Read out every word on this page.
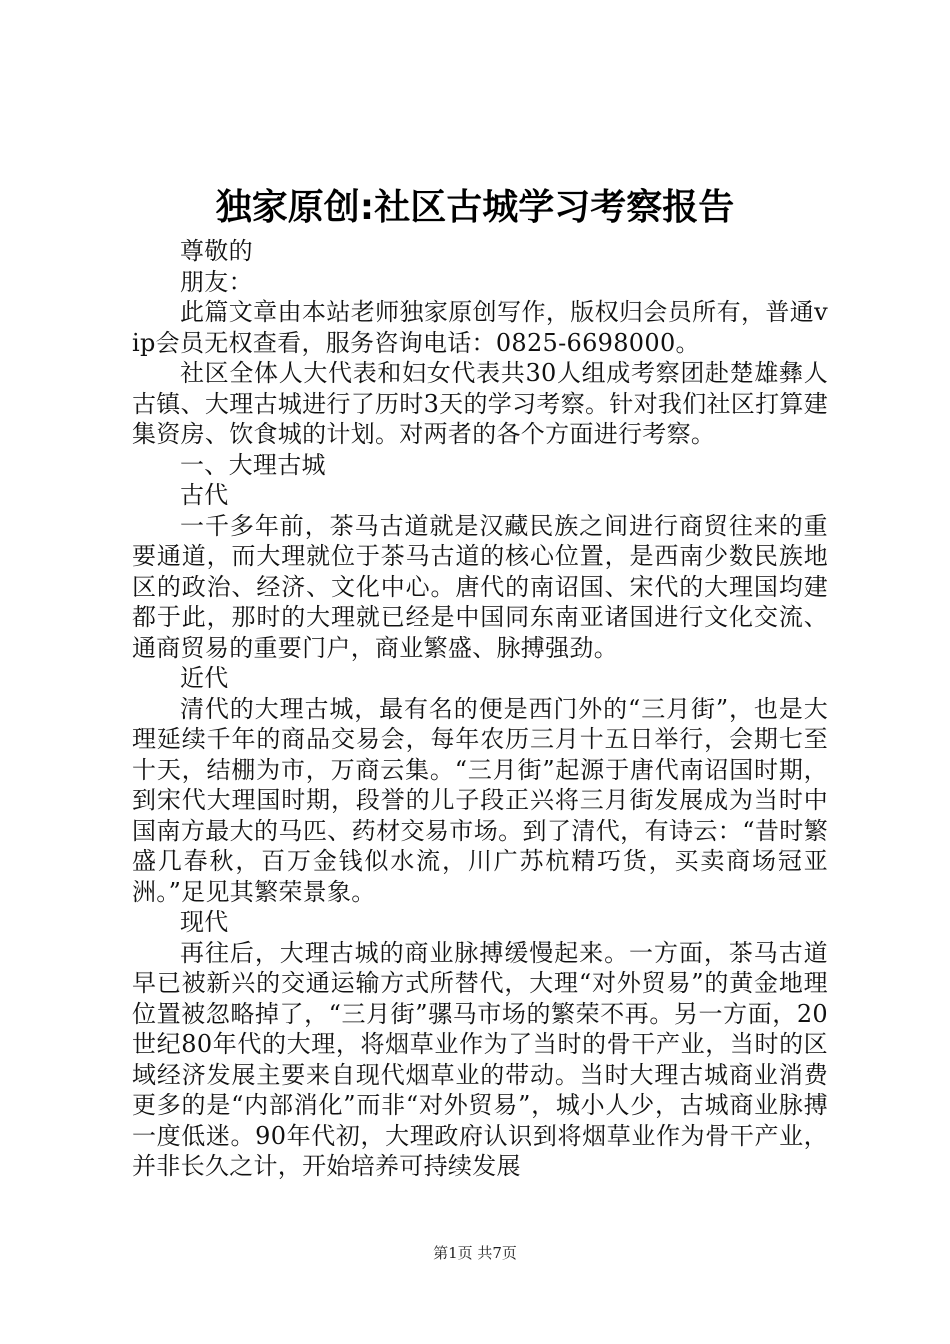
独家原创:社区古城学习考察报告

尊敬的

朋友：

此篇文章由本站老师独家原创写作，版权归会员所有，普通vip会员无权查看，服务咨询电话：0825-6698000。

社区全体人大代表和妇女代表共30人组成考察团赴楚雄彝人古镇、大理古城进行了历时3天的学习考察。针对我们社区打算建集资房、饮食城的计划。对两者的各个方面进行考察。

一、大理古城

古代

一千多年前，茶马古道就是汉藏民族之间进行商贸往来的重要通道，而大理就位于茶马古道的核心位置，是西南少数民族地区的政治、经济、文化中心。唐代的南诏国、宋代的大理国均建都于此，那时的大理就已经是中国同东南亚诸国进行文化交流、通商贸易的重要门户，商业繁盛、脉搏强劲。

近代

清代的大理古城，最有名的便是西门外的“三月街”，也是大理延续千年的商品交易会，每年农历三月十五日举行，会期七至十天，结棚为市，万商云集。“三月街”起源于唐代南诏国时期，到宋代大理国时期，段誉的儿子段正兴将三月街发展成为当时中国南方最大的马匹、药材交易市场。到了清代，有诗云：“昔时繁盛几春秋，百万金钱似水流，川广苏杭精巧货，买卖商场冠亚洲。”足见其繁荣景象。

现代

再往后，大理古城的商业脉搏缓慢起来。一方面，茶马古道早已被新兴的交通运输方式所替代，大理“对外贸易”的黄金地理位置被忽略掉了，“三月街”骡马市场的繁荣不再。另一方面，20世纪80年代的大理，将烟草业作为了当时的骨干产业，当时的区域经济发展主要来自现代烟草业的带动。当时大理古城商业消费更多的是“内部消化”而非“对外贸易”，城小人少，古城商业脉搏一度低迷。90年代初，大理政府认识到将烟草业作为骨干产业，并非长久之计，开始培养可持续发展

第1页 共7页
